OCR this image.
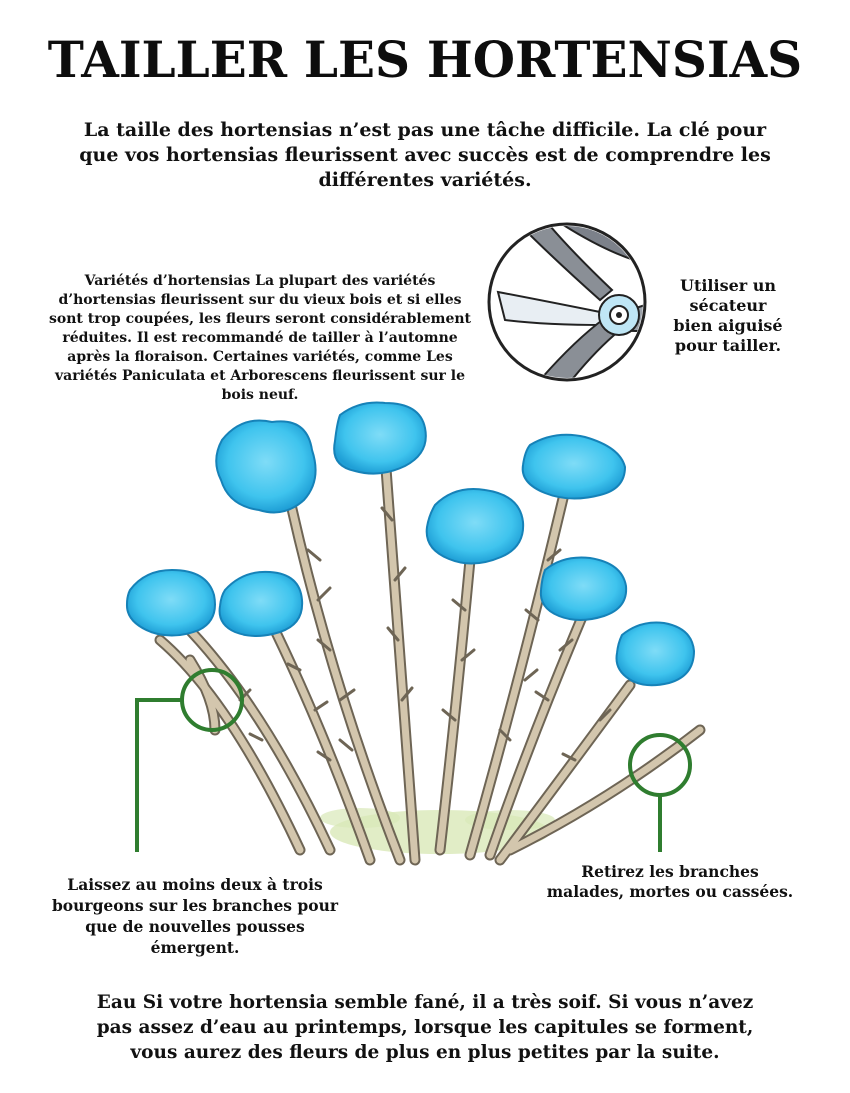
TAILLER LES HORTENSIAS
La taille des hortensias n’est pas une tâche difficile. La clé pour que vos hortensias fleurissent avec succès est de comprendre les différentes variétés.
Variétés d’hortensias La plupart des variétés d’hortensias fleurissent sur du vieux bois et si elles sont trop coupées, les fleurs seront considérablement réduites. Il est recommandé de tailler à l’automne après la floraison. Certaines variétés, comme Les variétés Paniculata et Arborescens fleurissent sur le bois neuf.
Utiliser un sécateur bien aiguisé pour tailler.
Laissez au moins deux à trois bourgeons sur les branches pour que de nouvelles pousses émergent.
Retirez les branches malades, mortes ou cassées.
Eau Si votre hortensia semble fané, il a très soif. Si vous n’avez pas assez d’eau au printemps, lorsque les capitules se forment, vous aurez des fleurs de plus en plus petites par la suite.
